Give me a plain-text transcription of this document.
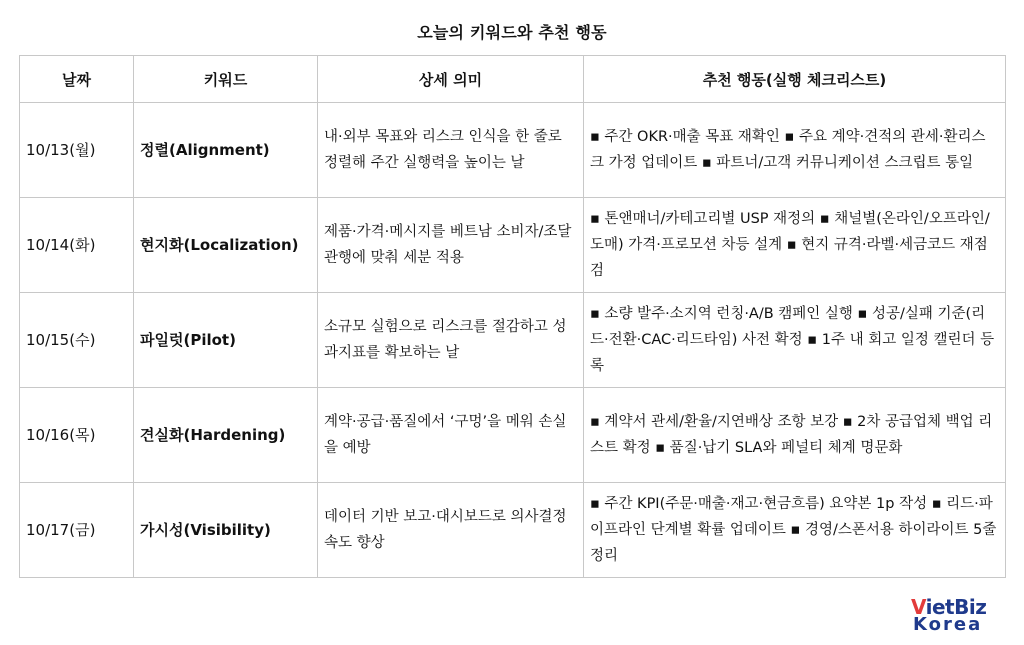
오늘의 키워드와 추천 행동
날짜	키워드	상세 의미	추천 행동(실행 체크리스트)
10/13(월)	정렬(Alignment)	내·외부 목표와 리스크 인식을 한 줄로 정렬해 주간 실행력을 높이는 날	▪ 주간 OKR·매출 목표 재확인 ▪ 주요 계약·견적의 관세·환리스크 가정 업데이트 ▪ 파트너/고객 커뮤니케이션 스크립트 통일
10/14(화)	현지화(Localization)	제품·가격·메시지를 베트남 소비자/조달 관행에 맞춰 세분 적용	▪ 톤앤매너/카테고리별 USP 재정의 ▪ 채널별(온라인/오프라인/도매) 가격·프로모션 차등 설계 ▪ 현지 규격·라벨·세금코드 재점검
10/15(수)	파일럿(Pilot)	소규모 실험으로 리스크를 절감하고 성과지표를 확보하는 날	▪ 소량 발주·소지역 런칭·A/B 캠페인 실행 ▪ 성공/실패 기준(리드·전환·CAC·리드타임) 사전 확정 ▪ 1주 내 회고 일정 캘린더 등록
10/16(목)	견실화(Hardening)	계약·공급·품질에서 ‘구멍’을 메워 손실을 예방	▪ 계약서 관세/환율/지연배상 조항 보강 ▪ 2차 공급업체 백업 리스트 확정 ▪ 품질·납기 SLA와 페널티 체계 명문화
10/17(금)	가시성(Visibility)	데이터 기반 보고·대시보드로 의사결정 속도 향상	▪ 주간 KPI(주문·매출·재고·현금흐름) 요약본 1p 작성 ▪ 리드·파이프라인 단계별 확률 업데이트 ▪ 경영/스폰서용 하이라이트 5줄 정리
VietBiz
Korea
